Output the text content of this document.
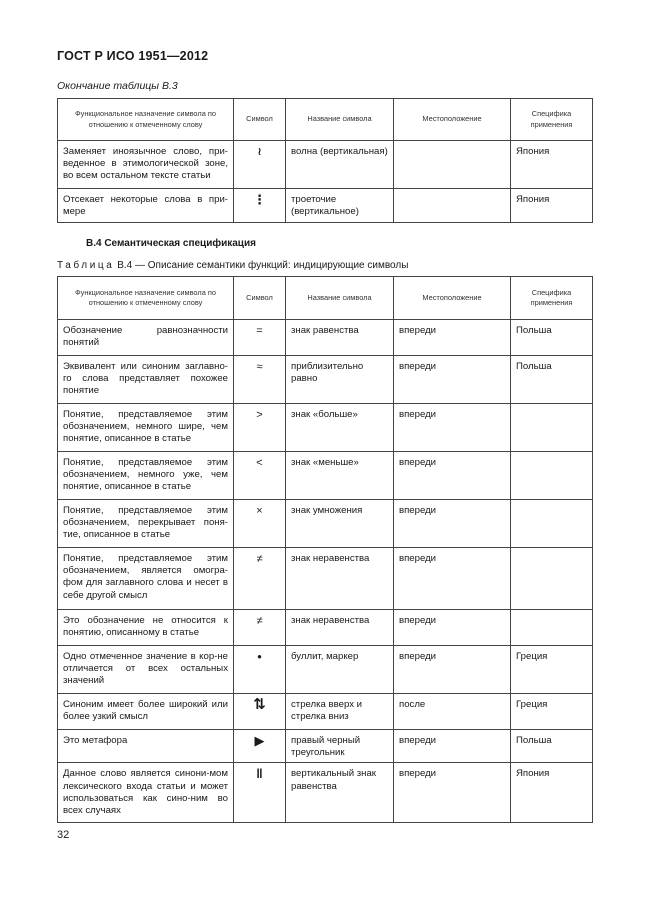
ГОСТ Р ИСО 1951—2012
Окончание таблицы В.3
Функциональное назначение символа по отношению к отмеченному слову	Символ	Название символа	Местоположение	Специфика применения
Заменяет иноязычное слово, при-веденное в этимологической зоне, во всем остальном тексте статьи	≀	волна (вертикальная)		Япония
Отсекает некоторые слова в при-мере	⋮	троеточие (вертикальное)		Япония
В.4 Семантическая спецификация
Таблица В.4 — Описание семантики функций: индицирующие символы
Функциональное назначение символа по отношению к отмеченному слову	Символ	Название символа	Местоположение	Специфика применения
Обозначение равнозначности понятий	=	знак равенства	впереди	Польша
Эквивалент или синоним заглавно-го слова представляет похожее понятие	≈	приблизительно равно	впереди	Польша
Понятие, представляемое этим обозначением, немного шире, чем понятие, описанное в статье	>	знак «больше»	впереди	
Понятие, представляемое этим обозначением, немного уже, чем понятие, описанное в статье	<	знак «меньше»	впереди	
Понятие, представляемое этим обозначением, перекрывает поня-тие, описанное в статье	×	знак умножения	впереди	
Понятие, представляемое этим обозначением, является омогра-фом для заглавного слова и несет в себе другой смысл	≠	знак неравенства	впереди	
Это обозначение не относится к понятию, описанному в статье	≠	знак неравенства	впереди	
Одно отмеченное значение в кор-не отличается от всех остальных значений	●	буллит, маркер	впереди	Греция
Синоним имеет более широкий или более узкий смысл	⇅	стрелка вверх и стрелка вниз	после	Греция
Это метафора	▶	правый черный треугольник	впереди	Польша
Данное слово является синони-мом лексического входа статьи и может использоваться как сино-ним во всех случаях	‖	вертикальный знак равенства	впереди	Япония
32
